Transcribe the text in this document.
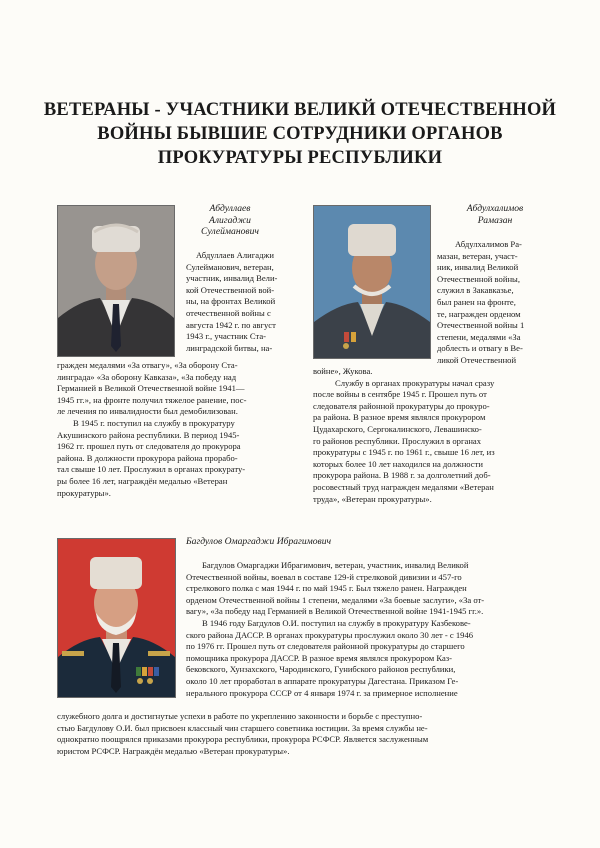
ВЕТЕРАНЫ - УЧАСТНИКИ ВЕЛИКЙ ОТЕЧЕСТВЕННОЙ
ВОЙНЫ БЫВШИЕ СОТРУДНИКИ ОРГАНОВ
ПРОКУРАТУРЫ РЕСПУБЛИКИ
Абдуллаев
Алигаджи
Сулейманович
Абдуллаев Алигаджи
Сулейманович, ветеран,
участник, инвалид Вели-
кой Отечественной вой-
ны, на фронтах Великой
отечественной войны с
августа 1942 г. по август
1943 г., участник Ста-
линградской битвы, на-
гражден медалями «За отвагу», «За оборону Ста-
линграда» «За оборону Кавказа», «За победу над
Германией в Великой Отечественной войне 1941—
1945 гг.», на фронте получил тяжелое ранение, пос-
ле лечения по инвалидности был демобилизован.
В 1945 г. поступил на службу в прокуратуру
Акушинского района республики. В период 1945-
1962 гг. прошел путь от следователя до прокурора
района. В должности прокурора района прорабо-
тал свыше 10 лет. Прослужил в органах прокурату-
ры более 16 лет, награждён медалью «Ветеран
прокуратуры».
Абдулхалимов
Рамазан
Абдулхалимов Ра-
мазан, ветеран, участ-
ник, инвалид Великой
Отечественной войны,
служил в Закавказье,
был ранен на фронте,
те, награжден орденом
Отечественной войны 1
степени, медалями «За
доблесть и отвагу в Ве-
ликой Отечественной
войне», Жукова.
Службу в органах прокуратуры начал сразу
после войны в сентябре 1945 г. Прошел путь от
следователя районной прокуратуры до прокуро-
ра района. В разное время являлся прокурором
Цудахарского, Сергокалинского, Левашинско-
го районов республики. Прослужил в органах
прокуратуры с 1945 г. по 1961 г., свыше 16 лет, из
которых более 10 лет находился на должности
прокурора района. В 1988 г. за долголетний доб-
росовестный труд награжден медалями «Ветеран
труда», «Ветеран прокуратуры».
Багдулов Омаргаджи Ибрагимович
Багдулов Омаргаджи Ибрагимович, ветеран, участник, инвалид Великой
Отечественной войны, воевал в составе 129-й стрелковой дивизии и 457-го
стрелкового полка с мая 1944 г. по май 1945 г. Был тяжело ранен. Награжден
орденом Отечественной войны 1 степени, медалями «За боевые заслуги», «За от-
вагу», «За победу над Германией в Великой Отечественной войне 1941-1945 гг.».
В 1946 году Багдулов О.И. поступил на службу в прокуратуру Казбекове-
ского района ДАССР. В органах прокуратуры прослужил около 30 лет - с 1946
по 1976 гг. Прошел путь от следователя районной прокуратуры до старшего
помощника прокурора ДАССР. В разное время являлся прокурором Каз-
бековского, Хунзахского, Чародинского, Гунибского районов республики,
около 10 лет проработал в аппарате прокуратуры Дагестана. Приказом Ге-
нерального прокурора СССР от 4 января 1974 г. за примерное исполнение
служебного долга и достигнутые успехи в работе по укреплению законности и борьбе с преступно-
стью Багдулову О.И. был присвоен классный чин старшего советника юстиции. За время службы не-
однократно поощрялся приказами прокурора республики, прокурора РСФСР. Является заслуженным
юристом РСФСР. Награждён медалью «Ветеран прокуратуры».
